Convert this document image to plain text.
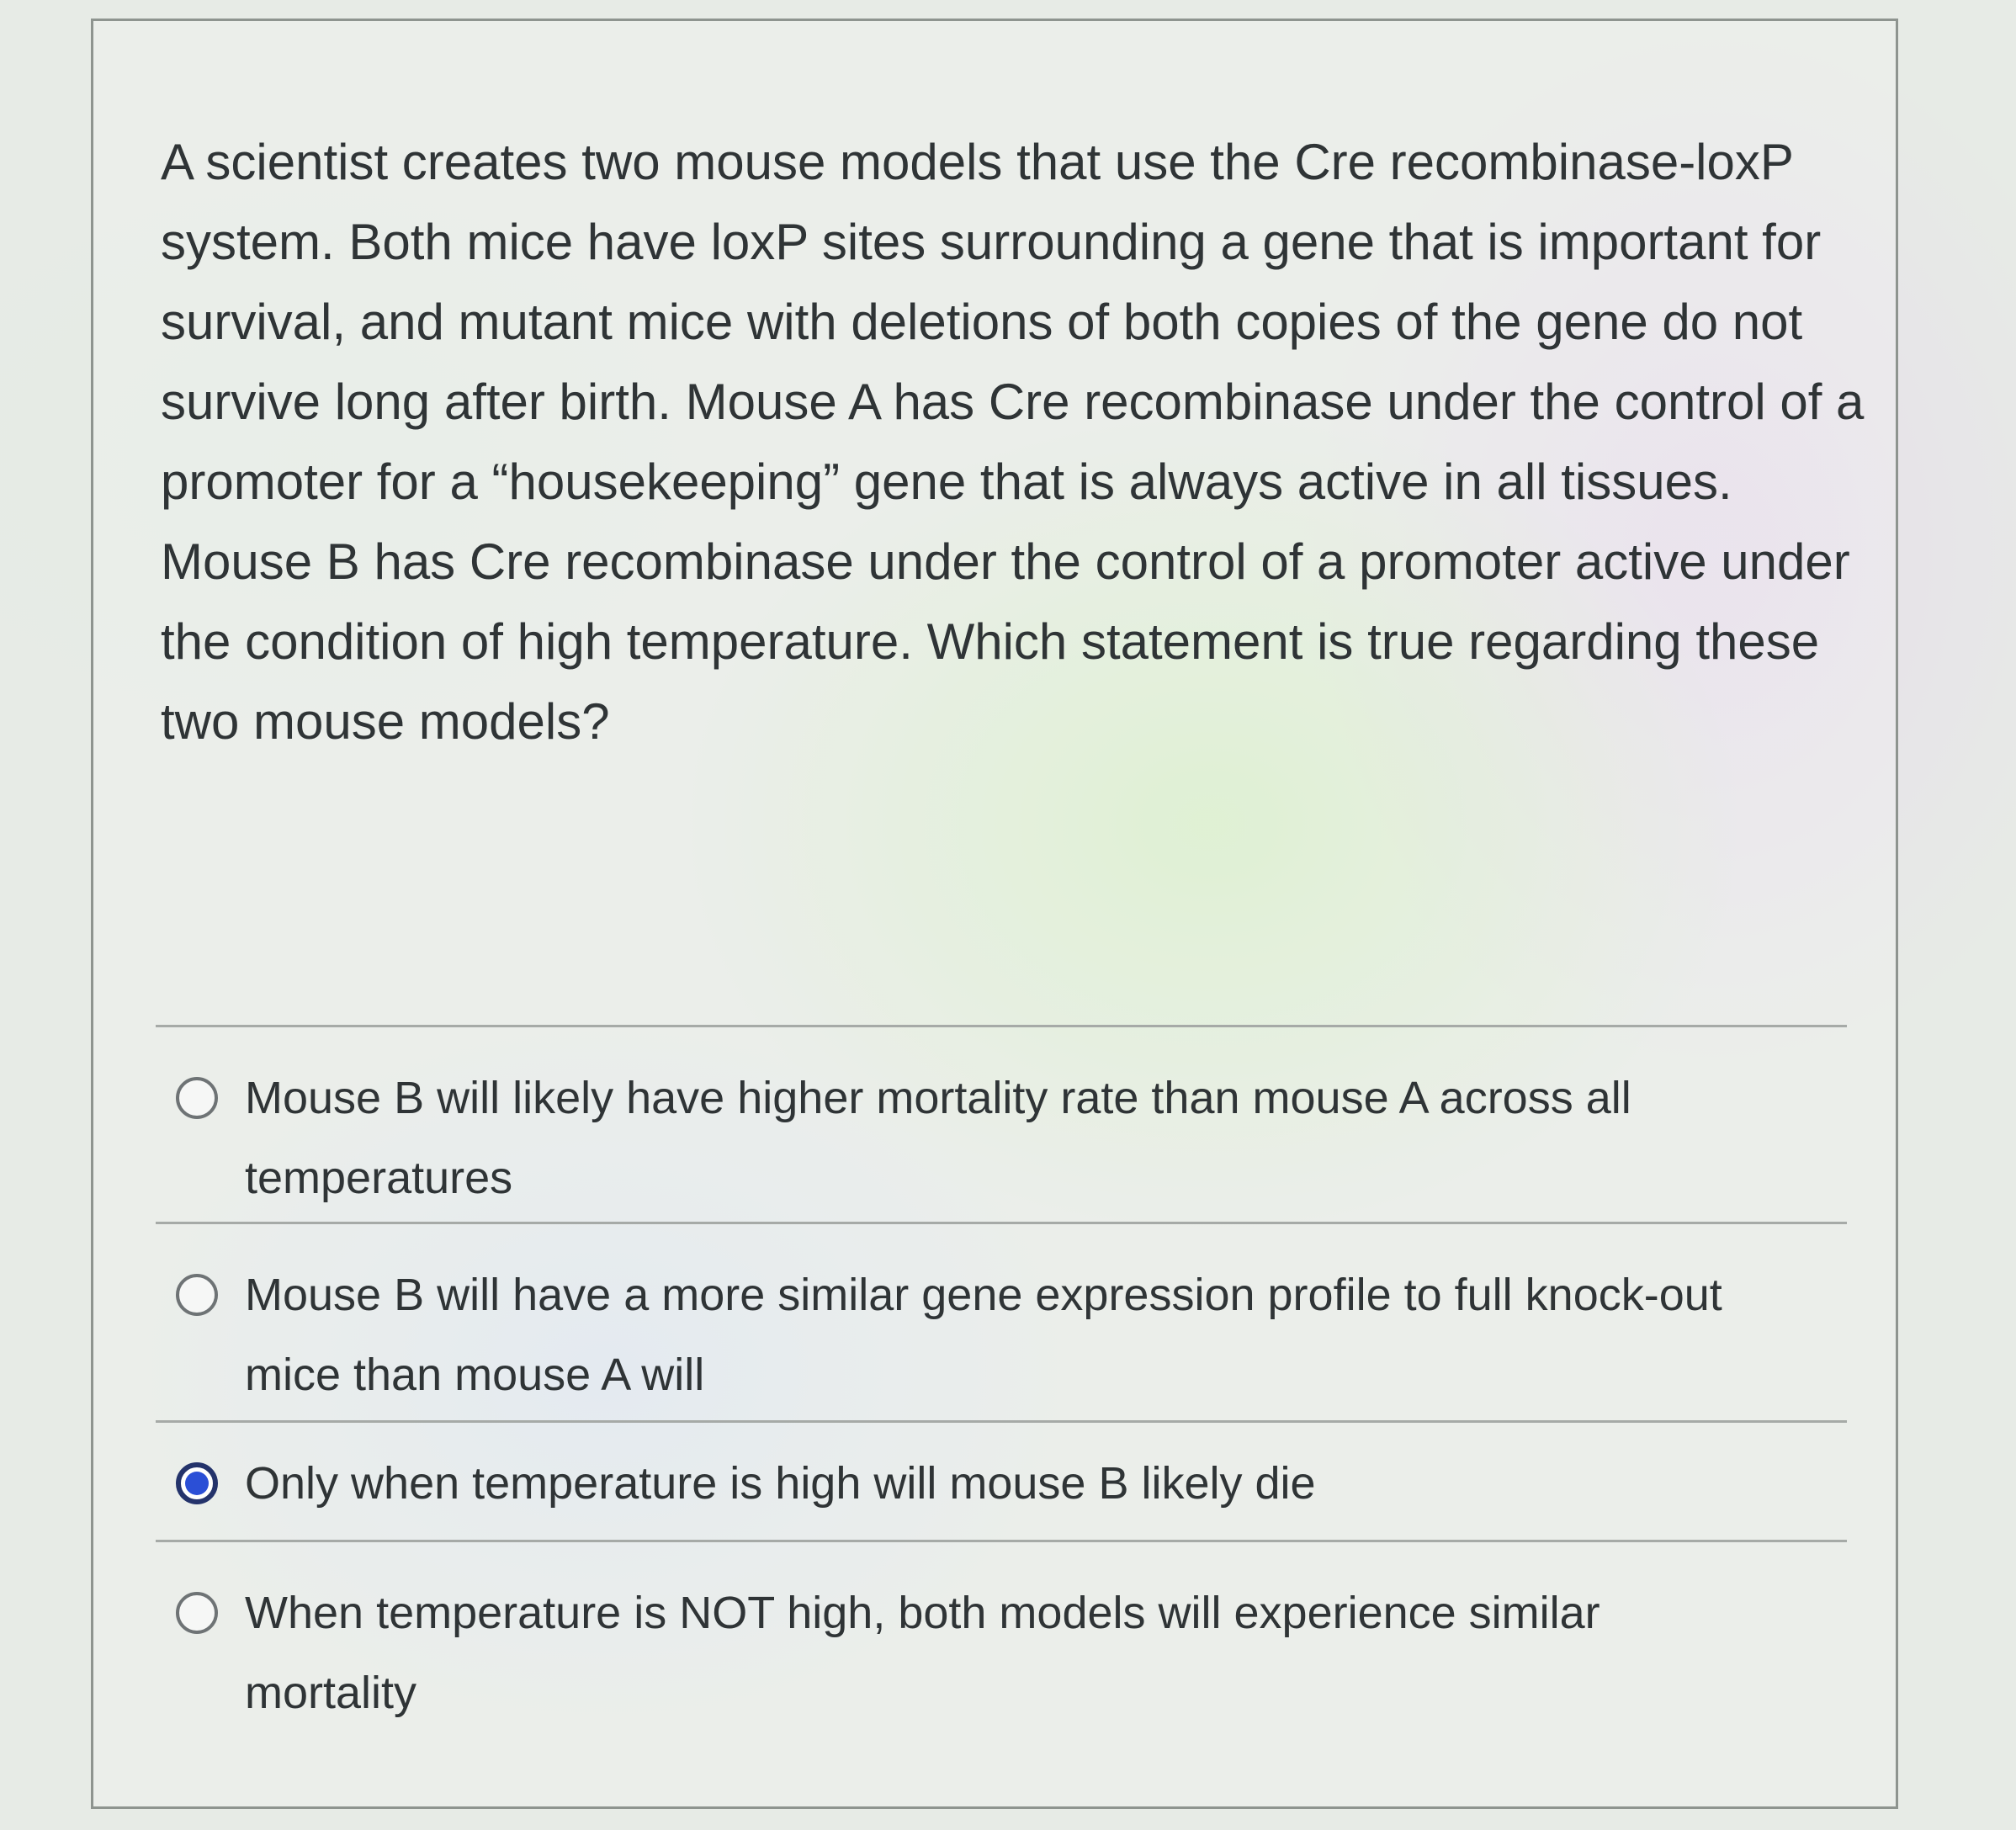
A scientist creates two mouse models that use the Cre recombinase-loxP system. Both mice have loxP sites surrounding a gene that is important for survival, and mutant mice with deletions of both copies of the gene do not survive long after birth. Mouse A has Cre recombinase under the control of a promoter for a “housekeeping” gene that is always active in all tissues. Mouse B has Cre recombinase under the control of a promoter active under the condition of high temperature. Which statement is true regarding these two mouse models?

Mouse B will likely have higher mortality rate than mouse A across all temperatures
Mouse B will have a more similar gene expression profile to full knock-out mice than mouse A will
Only when temperature is high will mouse B likely die
When temperature is NOT high, both models will experience similar mortality
